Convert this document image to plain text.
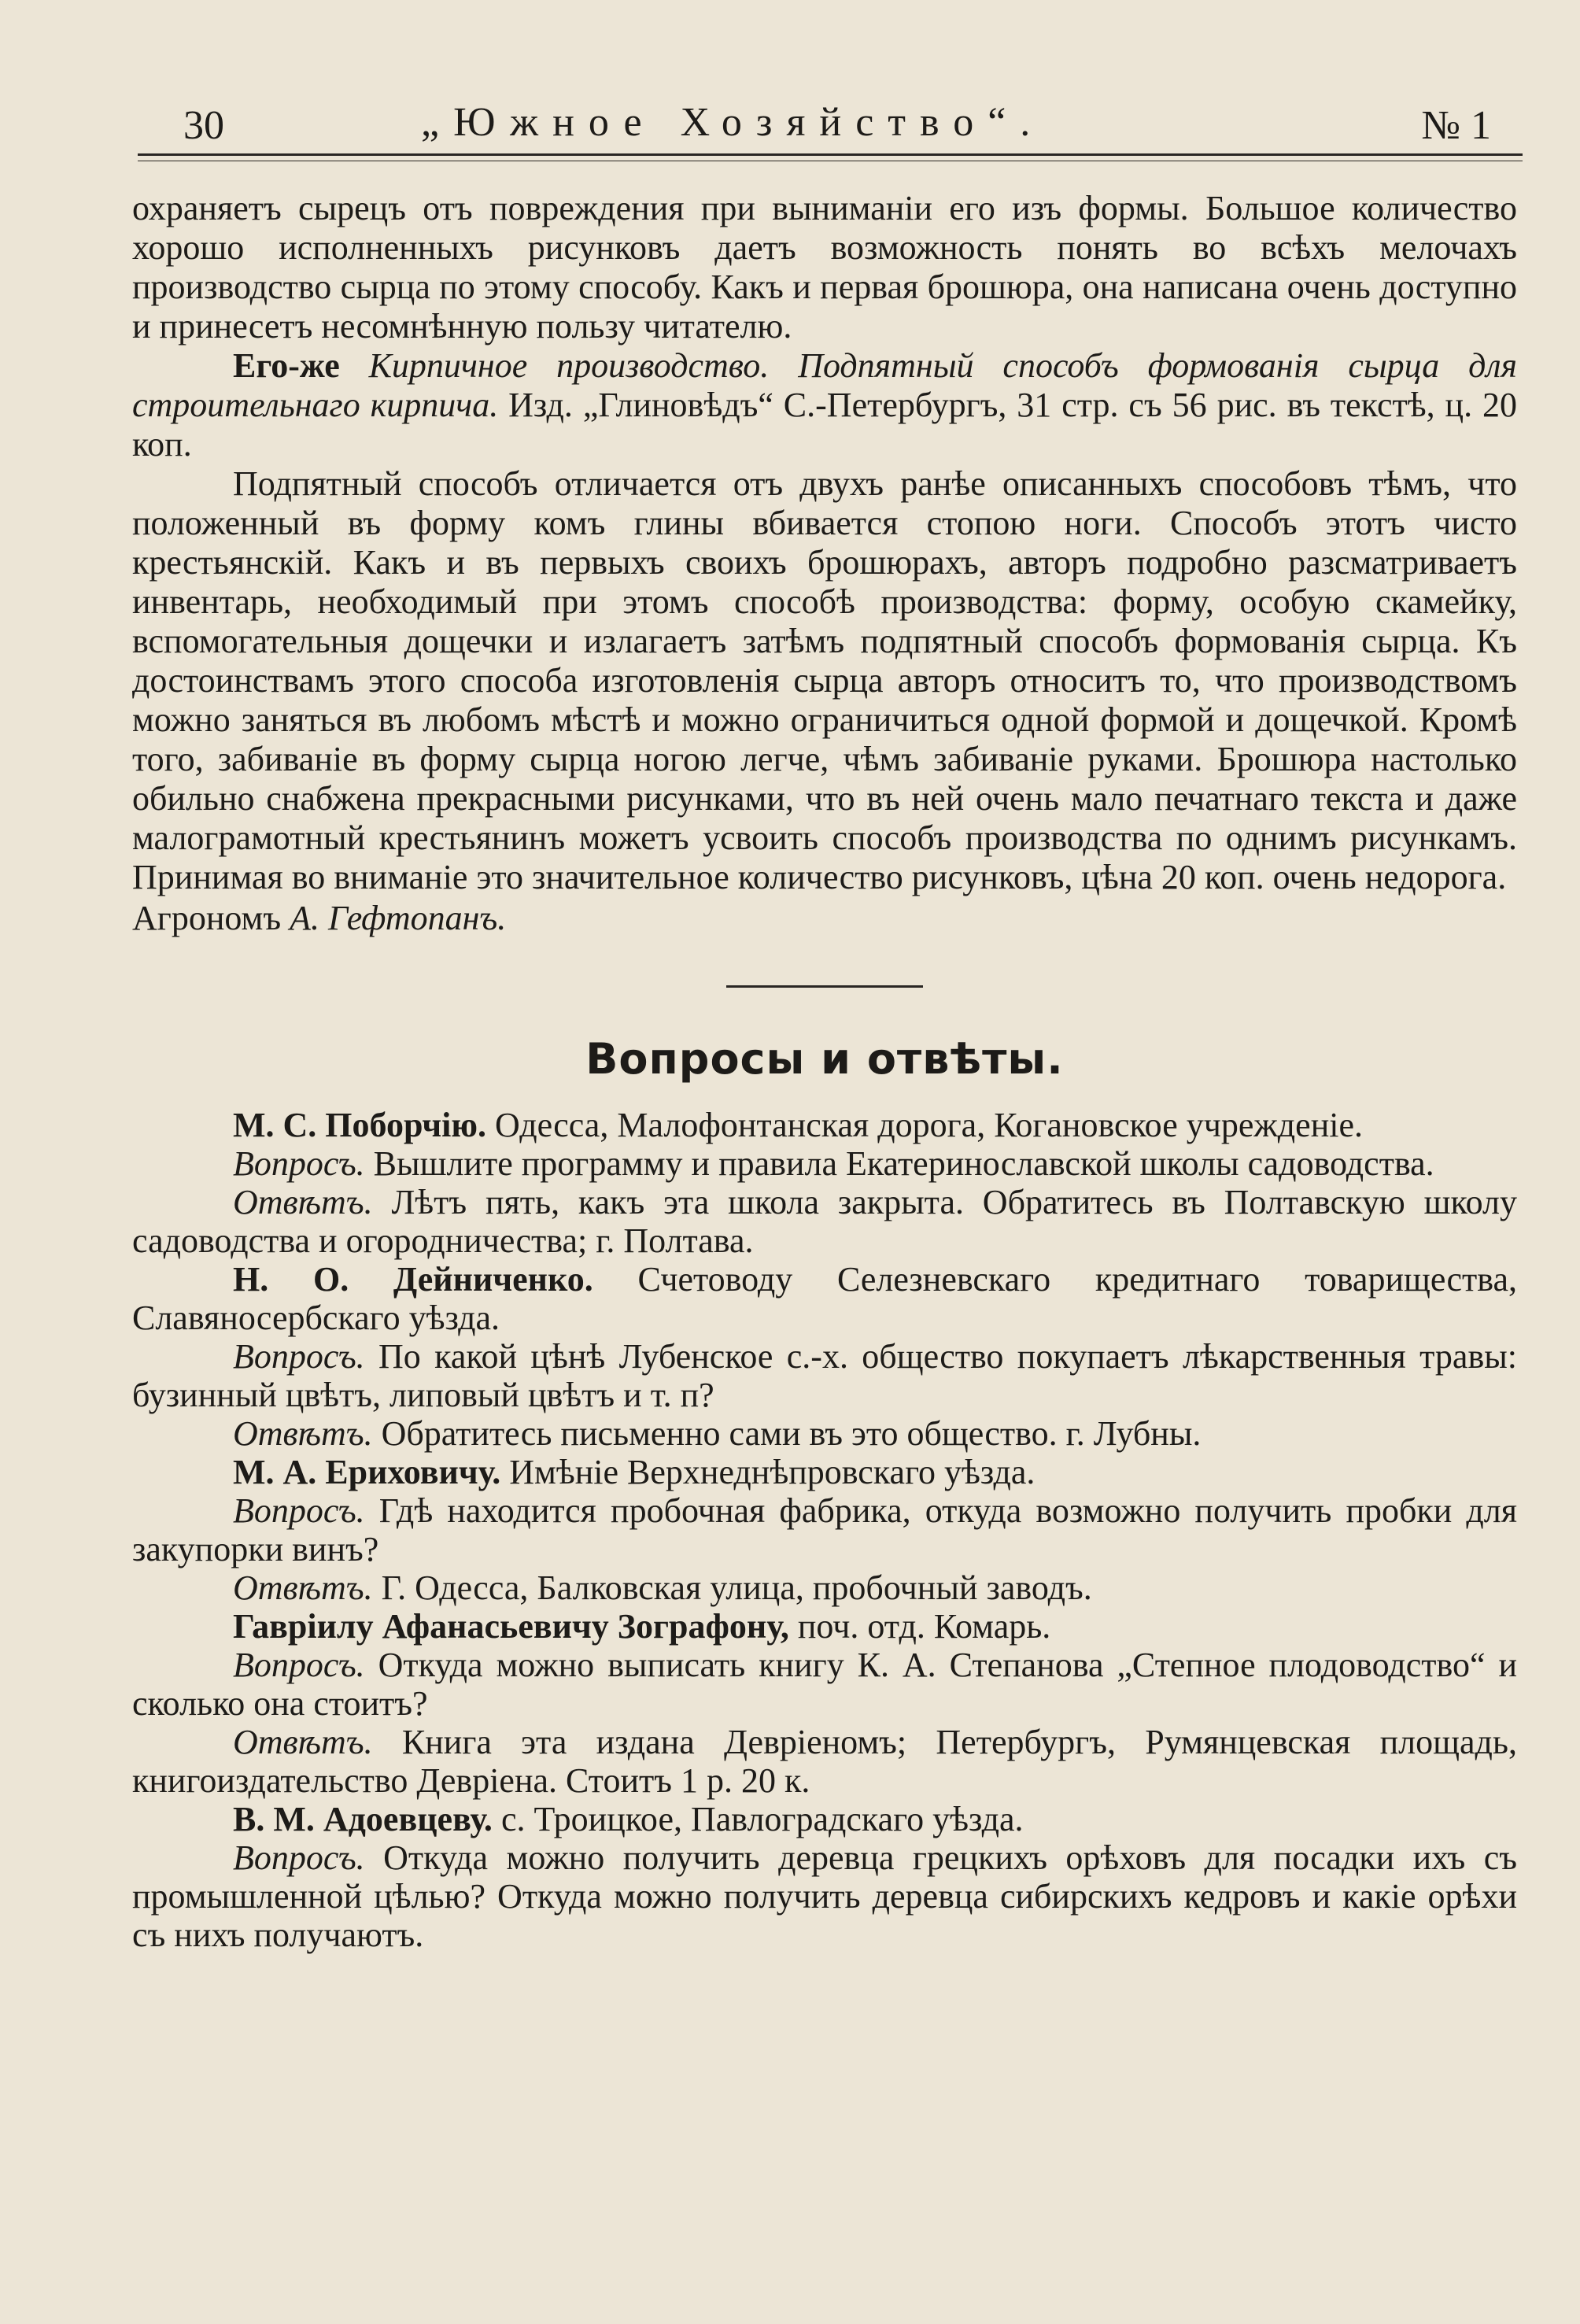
30	„Южное Хозяйство“.	№ 1

охраняетъ сырецъ отъ повреждения при выниманіи его изъ формы. Большое количество хорошо исполненныхъ рисунковъ даетъ возможность понять во всѣхъ мелочахъ производство сырца по этому способу. Какъ и первая брошюра, она написана очень доступно и принесетъ несомнѣнную пользу читателю.

Его-же Кирпичное производство. Подпятный способъ формованія сырца для строительнаго кирпича. Изд. „Глиновѣдъ“ С.-Петербургъ, 31 стр. съ 56 рис. въ текстѣ, ц. 20 коп.

Подпятный способъ отличается отъ двухъ ранѣе описанныхъ способовъ тѣмъ, что положенный въ форму комъ глины вбивается стопою ноги. Способъ этотъ чисто крестьянскій. Какъ и въ первыхъ своихъ брошюрахъ, авторъ подробно разсматриваетъ инвентарь, необходимый при этомъ способѣ производства: форму, особую скамейку, вспомогательныя дощечки и излагаетъ затѣмъ подпятный способъ формованія сырца. Къ достоинствамъ этого способа изготовленія сырца авторъ относитъ то, что производствомъ можно заняться въ любомъ мѣстѣ и можно ограничиться одной формой и дощечкой. Кромѣ того, забиваніе въ форму сырца ногою легче, чѣмъ забиваніе руками. Брошюра настолько обильно снабжена прекрасными рисунками, что въ ней очень мало печатнаго текста и даже малограмотный крестьянинъ можетъ усвоить способъ производства по однимъ рисункамъ. Принимая во вниманіе это значительное количество рисунковъ, цѣна 20 коп. очень недорога.

Агрономъ А. Гефтопанъ.

Вопросы и отвѣты.

М. С. Поборчію. Одесса, Малофонтанская дорога, Когановское учрежденіе.

Вопросъ. Вышлите программу и правила Екатеринославской школы садоводства.

Отвѣтъ. Лѣтъ пять, какъ эта школа закрыта. Обратитесь въ Полтавскую школу садоводства и огородничества; г. Полтава.

Н. О. Дейниченко. Счетоводу Селезневскаго кредитнаго товарищества, Славяносербскаго уѣзда.

Вопросъ. По какой цѣнѣ Лубенское с.-х. общество покупаетъ лѣкарственныя травы: бузинный цвѣтъ, липовый цвѣтъ и т. п?

Отвѣтъ. Обратитесь письменно сами въ это общество. г. Лубны.

М. А. Ериховичу. Имѣніе Верхнеднѣпровскаго уѣзда.

Вопросъ. Гдѣ находится пробочная фабрика, откуда возможно получить пробки для закупорки винъ?

Отвѣтъ. Г. Одесса, Балковская улица, пробочный заводъ.

Гавріилу Афанасьевичу Зографону, поч. отд. Комарь.

Вопросъ. Откуда можно выписать книгу К. А. Степанова „Степное плодоводство“ и сколько она стоитъ?

Отвѣтъ. Книга эта издана Девріеномъ; Петербургъ, Румянцевская площадь, книгоиздательство Девріена. Стоитъ 1 р. 20 к.

В. М. Адоевцеву. с. Троицкое, Павлоградскаго уѣзда.

Вопросъ. Откуда можно получить деревца грецкихъ орѣховъ для посадки ихъ съ промышленной цѣлью? Откуда можно получить деревца сибирскихъ кедровъ и какіе орѣхи съ нихъ получаютъ.
